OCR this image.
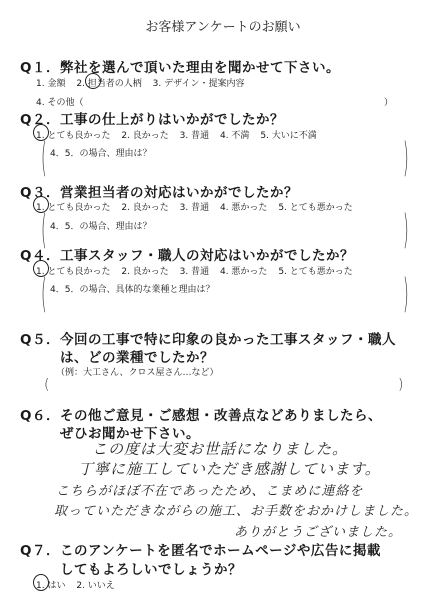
お客様アンケートのお願い
Q１．弊社を選んで頂いた理由を聞かせて下さい。
1. 金額 2. 担当者の人柄 3. デザイン・提案内容
4. その他（	）
Q２．工事の仕上がりはいかがでしたか？
1. とても良かった 2. 良かった 3. 普通 4. 不満 5. 大いに不満
4．5．の場合、理由は？
(	)
Q３．営業担当者の対応はいかがでしたか？
1. とても良かった 2. 良かった 3. 普通 4. 悪かった 5. とても悪かった
4．5．の場合、理由は？
(	)
Q４．工事スタッフ・職人の対応はいかがでしたか？
1. とても良かった 2. 良かった 3. 普通 4. 悪かった 5. とても悪かった
4．5．の場合、具体的な業種と理由は？
(	)
Q５．今回の工事で特に印象の良かった工事スタッフ・職人
は、どの業種でしたか？
（例：大工さん、クロス屋さん…など）
(	)
Q６．その他ご意見・ご感想・改善点などありましたら、
ぜひお聞かせ下さい。
この度は大変お世話になりました。
丁寧に施工していただき感謝しています。
こちらがほぼ不在であったため、こまめに連絡を
取っていただきながらの施工、お手数をおかけしました。
ありがとうございました。
Q７．このアンケートを匿名でホームページや広告に掲載
してもよろしいでしょうか？
1. はい 2. いいえ
